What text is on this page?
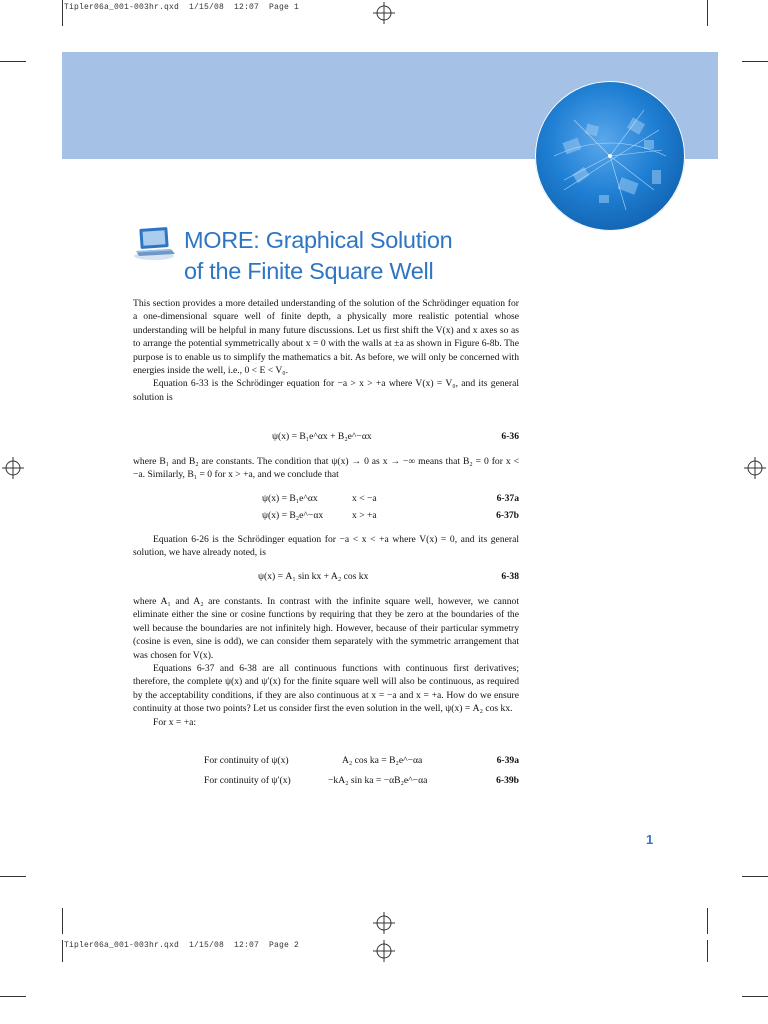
Tipler06a_001-003hr.qxd  1/15/08  12:07  Page 1
Tipler06a_001-003hr.qxd  1/15/08  12:07  Page 2
MORE: Graphical Solution
of the Finite Square Well

This section provides a more detailed understanding of the solution of the Schrödinger equation for a one-dimensional square well of finite depth, a physically more realistic potential whose understanding will be helpful in many future discussions. Let us first shift the V(x) and x axes so as to arrange the potential symmetrically about x = 0 with the walls at ±a as shown in Figure 6-8b. The purpose is to enable us to simplify the mathematics a bit. As before, we will only be concerned with energies inside the well, i.e., 0 < E < V₀.

Equation 6-33 is the Schrödinger equation for −a > x > +a where V(x) = V₀, and its general solution is

ψ(x) = B₁e^αx + B₂e^−αx	6-36

where B₁ and B₂ are constants. The condition that ψ(x) → 0 as x → −∞ means that B₂ = 0 for x < −a. Similarly, B₁ = 0 for x > +a, and we conclude that

ψ(x) = B₁e^αx	x < −a	6-37a
ψ(x) = B₂e^−αx	x > +a	6-37b

Equation 6-26 is the Schrödinger equation for −a < x < +a where V(x) = 0, and its general solution, we have already noted, is

ψ(x) = A₁ sin kx + A₂ cos kx	6-38

where A₁ and A₂ are constants. In contrast with the infinite square well, however, we cannot eliminate either the sine or cosine functions by requiring that they be zero at the boundaries of the well because the boundaries are not infinitely high. However, because of their particular symmetry (cosine is even, sine is odd), we can consider them separately with the symmetric arrangement that was chosen for V(x).

Equations 6-37 and 6-38 are all continuous functions with continuous first derivatives; therefore, the complete ψ(x) and ψ′(x) for the finite square well will also be continuous, as required by the acceptability conditions, if they are also continuous at x = −a and x = +a. How do we ensure continuity at those two points? Let us consider first the even solution in the well, ψ(x) = A₂ cos kx.

For x = +a:

For continuity of ψ(x)	A₂ cos ka = B₂e^−αa	6-39a
For continuity of ψ′(x)	−kA₂ sin ka = −αB₂e^−αa	6-39b
1
